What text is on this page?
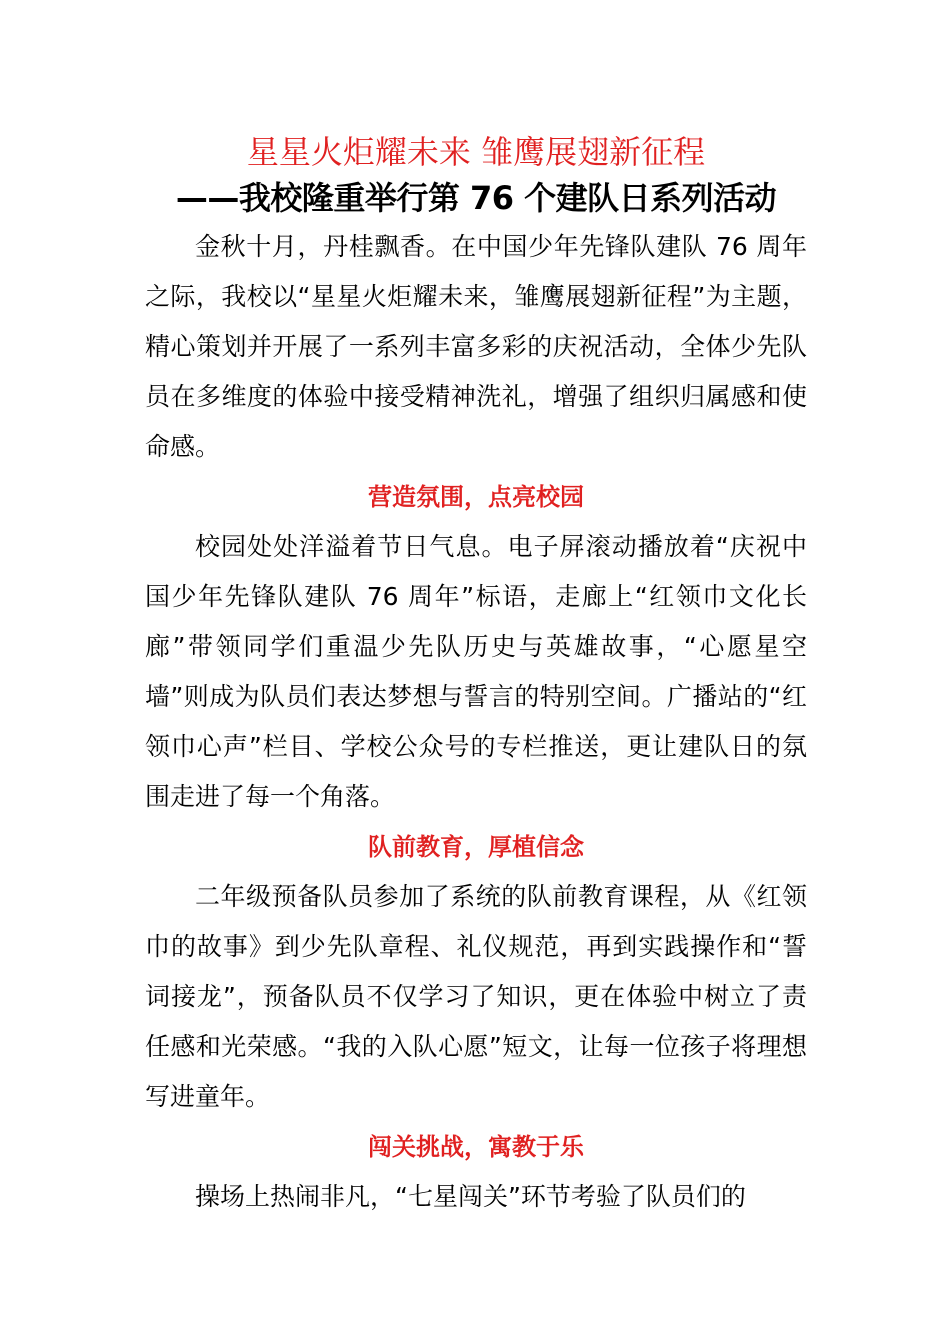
星星火炬耀未来 雏鹰展翅新征程
——我校隆重举行第 76 个建队日系列活动

金秋十月，丹桂飘香。在中国少年先锋队建队 76 周年之际，我校以“星星火炬耀未来，雏鹰展翅新征程”为主题，精心策划并开展了一系列丰富多彩的庆祝活动，全体少先队员在多维度的体验中接受精神洗礼，增强了组织归属感和使命感。

营造氛围，点亮校园

校园处处洋溢着节日气息。电子屏滚动播放着“庆祝中国少年先锋队建队 76 周年”标语，走廊上“红领巾文化长廊”带领同学们重温少先队历史与英雄故事，“心愿星空墙”则成为队员们表达梦想与誓言的特别空间。广播站的“红领巾心声”栏目、学校公众号的专栏推送，更让建队日的氛围走进了每一个角落。

队前教育，厚植信念

二年级预备队员参加了系统的队前教育课程，从《红领巾的故事》到少先队章程、礼仪规范，再到实践操作和“誓词接龙”，预备队员不仅学习了知识，更在体验中树立了责任感和光荣感。“我的入队心愿”短文，让每一位孩子将理想写进童年。

闯关挑战，寓教于乐

操场上热闹非凡，“七星闯关”环节考验了队员们的
